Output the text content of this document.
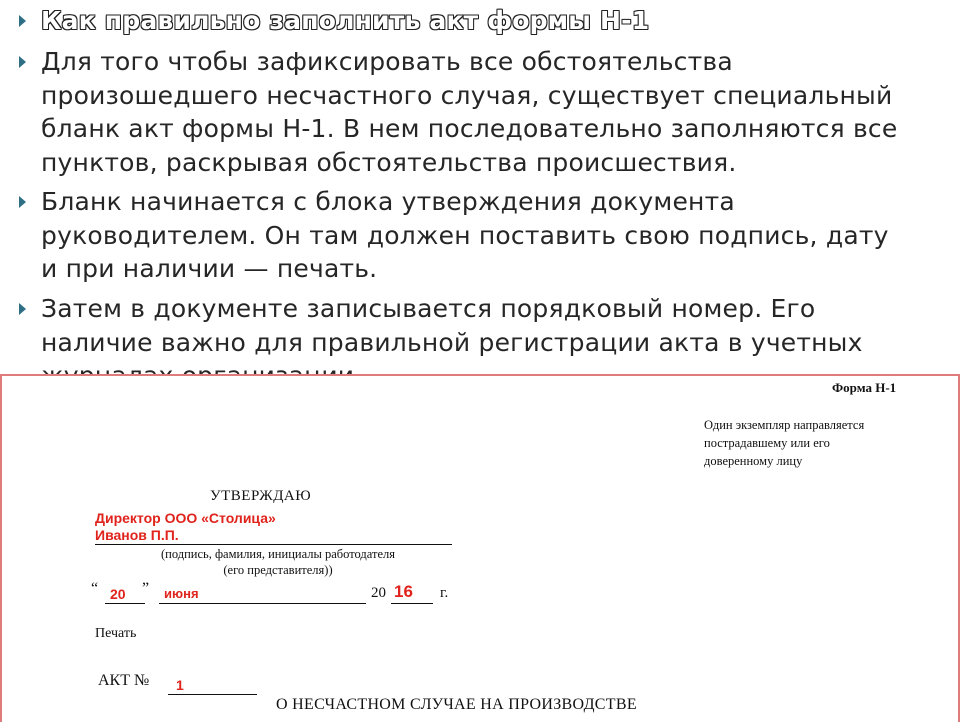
Как правильно заполнить акт формы Н-1
Для того чтобы зафиксировать все обстоятельства
произошедшего несчастного случая, существует специальный
бланк акт формы Н-1. В нем последовательно заполняются все
пунктов, раскрывая обстоятельства происшествия.
Бланк начинается с блока утверждения документа
руководителем. Он там должен поставить свою подпись, дату
и при наличии — печать.
Затем в документе записывается порядковый номер. Его
наличие важно для правильной регистрации акта в учетных
Форма Н-1
Один экземпляр направляется
пострадавшему или его
доверенному лицу
УТВЕРЖДАЮ
Директор ООО «Столица»
Иванов П.П.
(подпись, фамилия, инициалы работодателя
(его представителя))
“ 20 ” июня	20 16 г.
Печать
АКТ № 1
О НЕСЧАСТНОМ СЛУЧАЕ НА ПРОИЗВОДСТВЕ
